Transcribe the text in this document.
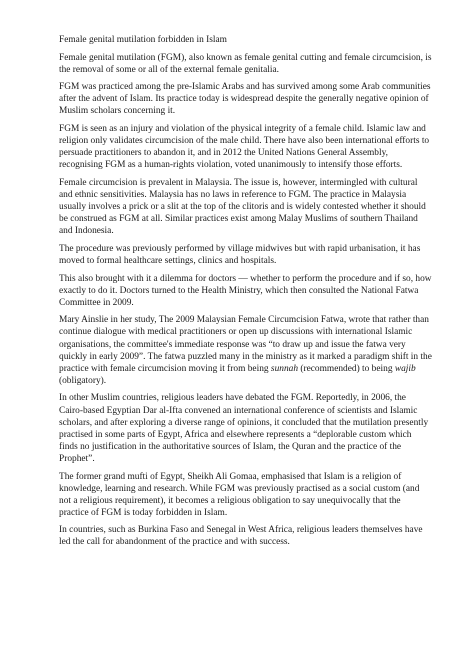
Female genital mutilation forbidden in Islam

Female genital mutilation (FGM), also known as female genital cutting and female circumcision, is the removal of some or all of the external female genitalia.

FGM was practiced among the pre-Islamic Arabs and has survived among some Arab communities after the advent of Islam. Its practice today is widespread despite the generally negative opinion of Muslim scholars concerning it.

FGM is seen as an injury and violation of the physical integrity of a female child. Islamic law and religion only validates circumcision of the male child. There have also been international efforts to persuade practitioners to abandon it, and in 2012 the United Nations General Assembly, recognising FGM as a human-rights violation, voted unanimously to intensify those efforts.

Female circumcision is prevalent in Malaysia. The issue is, however, intermingled with cultural and ethnic sensitivities. Malaysia has no laws in reference to FGM. The practice in Malaysia usually involves a prick or a slit at the top of the clitoris and is widely contested whether it should be construed as FGM at all. Similar practices exist among Malay Muslims of southern Thailand and Indonesia.

The procedure was previously performed by village midwives but with rapid urbanisation, it has moved to formal healthcare settings, clinics and hospitals.

This also brought with it a dilemma for doctors — whether to perform the procedure and if so, how exactly to do it. Doctors turned to the Health Ministry, which then consulted the National Fatwa Committee in 2009.

Mary Ainslie in her study, The 2009 Malaysian Female Circumcision Fatwa, wrote that rather than continue dialogue with medical practitioners or open up discussions with international Islamic organisations, the committee's immediate response was “to draw up and issue the fatwa very quickly in early 2009”. The fatwa puzzled many in the ministry as it marked a paradigm shift in the practice with female circumcision moving it from being sunnah (recommended) to being wajib (obligatory).

In other Muslim countries, religious leaders have debated the FGM. Reportedly, in 2006, the Cairo-based Egyptian Dar al-Ifta convened an international conference of scientists and Islamic scholars, and after exploring a diverse range of opinions, it concluded that the mutilation presently practised in some parts of Egypt, Africa and elsewhere represents a “deplorable custom which finds no justification in the authoritative sources of Islam, the Quran and the practice of the Prophet”.

The former grand mufti of Egypt, Sheikh Ali Gomaa, emphasised that Islam is a religion of knowledge, learning and research. While FGM was previously practised as a social custom (and not a religious requirement), it becomes a religious obligation to say unequivocally that the practice of FGM is today forbidden in Islam.

In countries, such as Burkina Faso and Senegal in West Africa, religious leaders themselves have led the call for abandonment of the practice and with success.
